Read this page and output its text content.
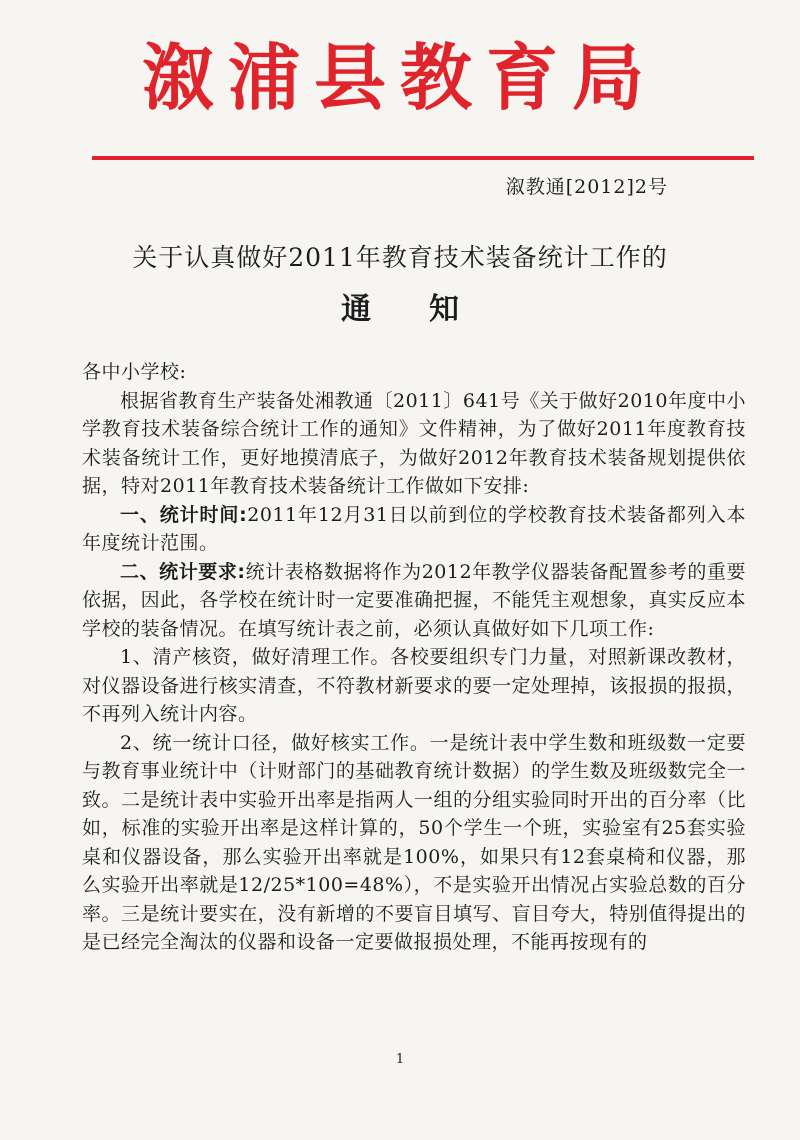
溆浦县教育局
溆教通[2012]2号
关于认真做好2011年教育技术装备统计工作的
通知

各中小学校:

根据省教育生产装备处湘教通〔2011〕641号《关于做好2010年度中小学教育技术装备综合统计工作的通知》文件精神，为了做好2011年度教育技术装备统计工作，更好地摸清底子，为做好2012年教育技术装备规划提供依据，特对2011年教育技术装备统计工作做如下安排:

一、统计时间:2011年12月31日以前到位的学校教育技术装备都列入本年度统计范围。

二、统计要求:统计表格数据将作为2012年教学仪器装备配置参考的重要依据，因此，各学校在统计时一定要准确把握，不能凭主观想象，真实反应本学校的装备情况。在填写统计表之前，必须认真做好如下几项工作:

1、清产核资，做好清理工作。各校要组织专门力量，对照新课改教材，对仪器设备进行核实清查，不符教材新要求的要一定处理掉，该报损的报损，不再列入统计内容。

2、统一统计口径，做好核实工作。一是统计表中学生数和班级数一定要与教育事业统计中（计财部门的基础教育统计数据）的学生数及班级数完全一致。二是统计表中实验开出率是指两人一组的分组实验同时开出的百分率（比如，标准的实验开出率是这样计算的，50个学生一个班，实验室有25套实验桌和仪器设备，那么实验开出率就是100%，如果只有12套桌椅和仪器，那么实验开出率就是12/25*100=48%），不是实验开出情况占实验总数的百分率。三是统计要实在，没有新增的不要盲目填写、盲目夸大，特别值得提出的是已经完全淘汰的仪器和设备一定要做报损处理，不能再按现有的

1
